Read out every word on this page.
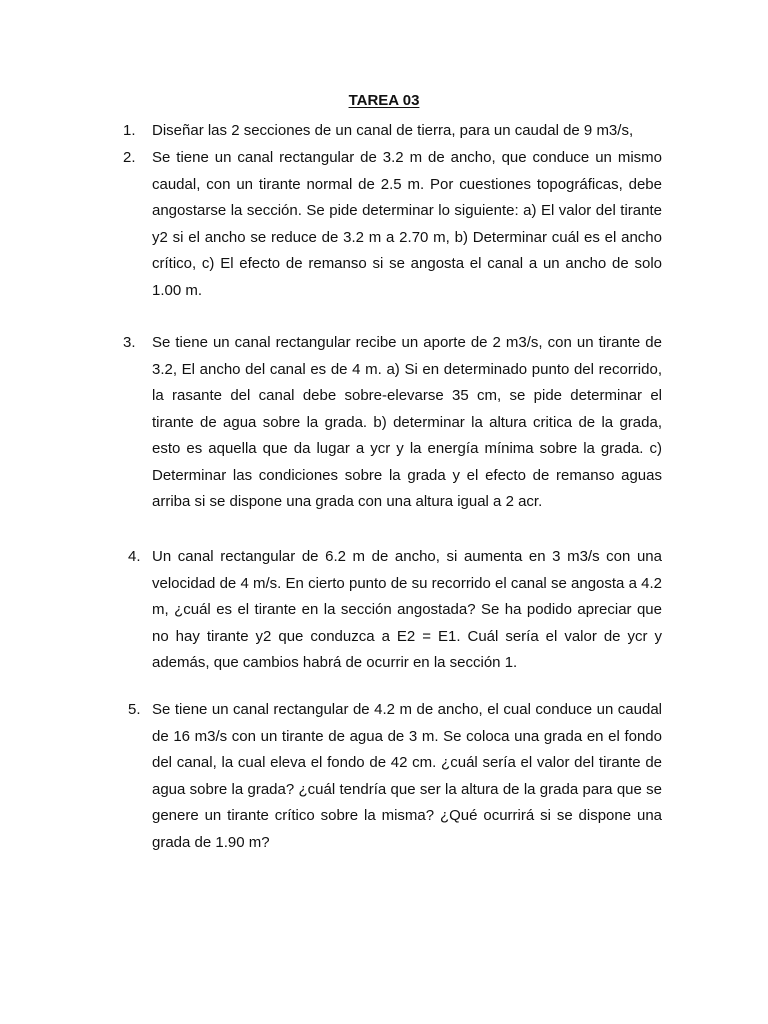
TAREA 03
1. Diseñar las 2 secciones de un canal de tierra, para un caudal de 9 m3/s,
2. Se tiene un canal rectangular de 3.2 m de ancho, que conduce un mismo caudal, con un tirante normal de 2.5 m. Por cuestiones topográficas, debe angostarse la sección. Se pide determinar lo siguiente: a) El valor del tirante y2 si el ancho se reduce de 3.2 m a 2.70 m, b) Determinar cuál es el ancho crítico, c) El efecto de remanso si se angosta el canal a un ancho de solo 1.00 m.
3. Se tiene un canal rectangular recibe un aporte de 2 m3/s, con un tirante de 3.2, El ancho del canal es de 4 m. a) Si en determinado punto del recorrido, la rasante del canal debe sobre-elevarse 35 cm, se pide determinar el tirante de agua sobre la grada. b) determinar la altura critica de la grada, esto es aquella que da lugar a ycr y la energía mínima sobre la grada. c) Determinar las condiciones sobre la grada y el efecto de remanso aguas arriba si se dispone una grada con una altura igual a 2 acr.
4. Un canal rectangular de 6.2 m de ancho, si aumenta en 3 m3/s con una velocidad de 4 m/s. En cierto punto de su recorrido el canal se angosta a 4.2 m, ¿cuál es el tirante en la sección angostada? Se ha podido apreciar que no hay tirante y2 que conduzca a E2 = E1. Cuál sería el valor de ycr y además, que cambios habrá de ocurrir en la sección 1.
5. Se tiene un canal rectangular de 4.2 m de ancho, el cual conduce un caudal de 16 m3/s con un tirante de agua de 3 m. Se coloca una grada en el fondo del canal, la cual eleva el fondo de 42 cm. ¿cuál sería el valor del tirante de agua sobre la grada? ¿cuál tendría que ser la altura de la grada para que se genere un tirante crítico sobre la misma? ¿Qué ocurrirá si se dispone una grada de 1.90 m?
